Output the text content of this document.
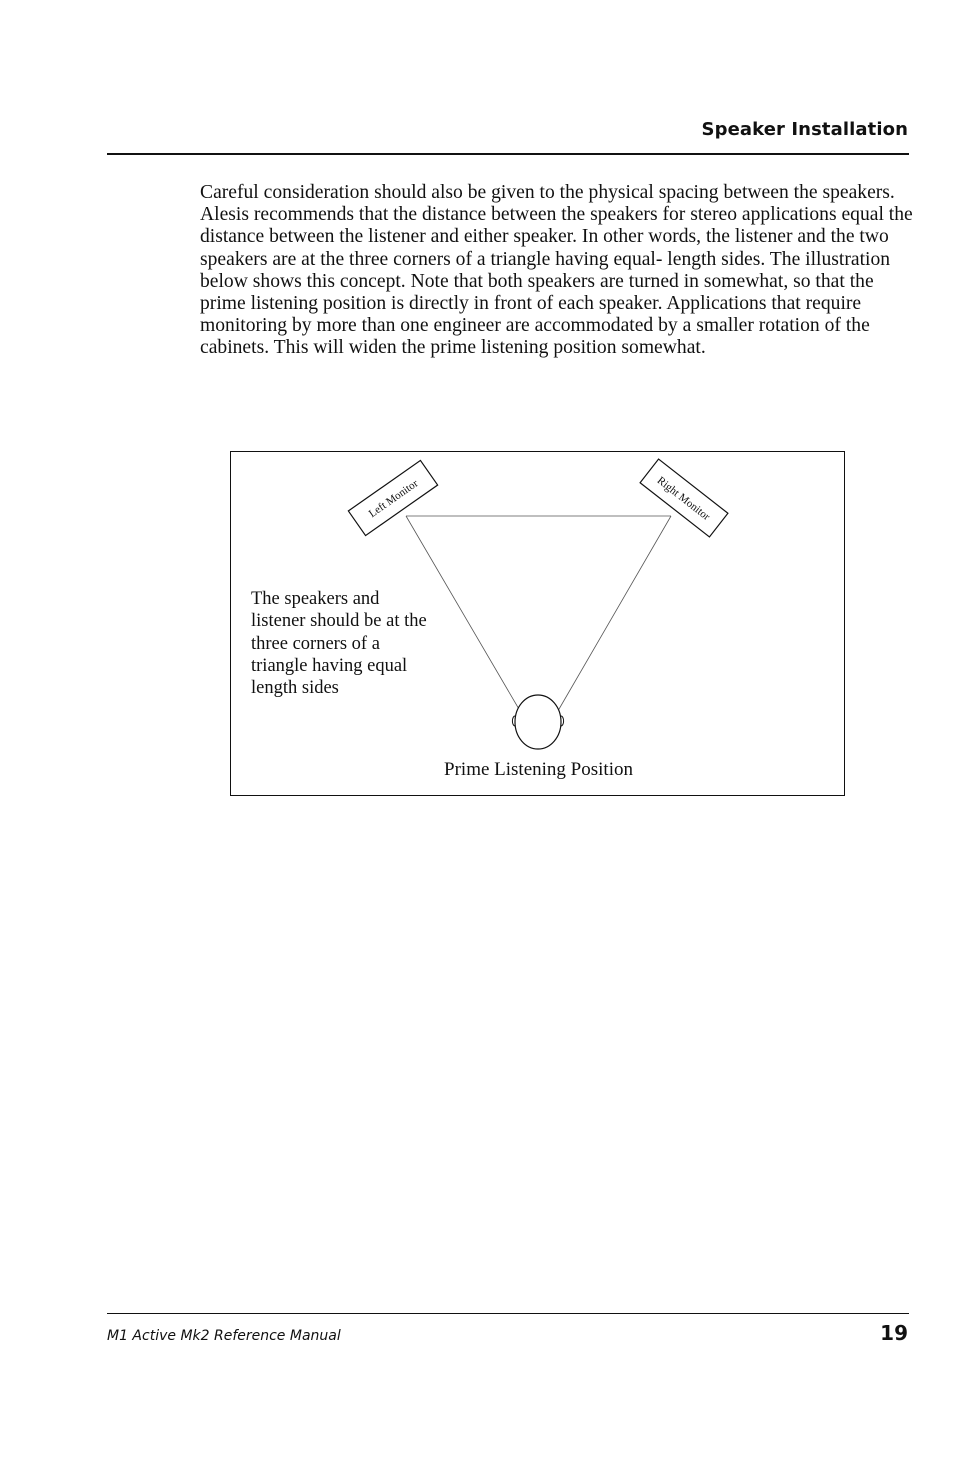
Speaker Installation

Careful consideration should also be given to the physical spacing between the speakers. Alesis recommends that the distance between the speakers for stereo applications equal the distance between the listener and either speaker. In other words, the listener and the two speakers are at the three corners of a triangle having equal- length sides. The illustration below shows this concept. Note that both speakers are turned in somewhat, so that the prime listening position is directly in front of each speaker. Applications that require monitoring by more than one engineer are accommodated by a smaller rotation of the cabinets. This will widen the prime listening position somewhat.

Left Monitor	Right Monitor

The speakers and listener should be at the three corners of a triangle having equal length sides

Prime Listening Position
M1 Active Mk2 Reference Manual	19
